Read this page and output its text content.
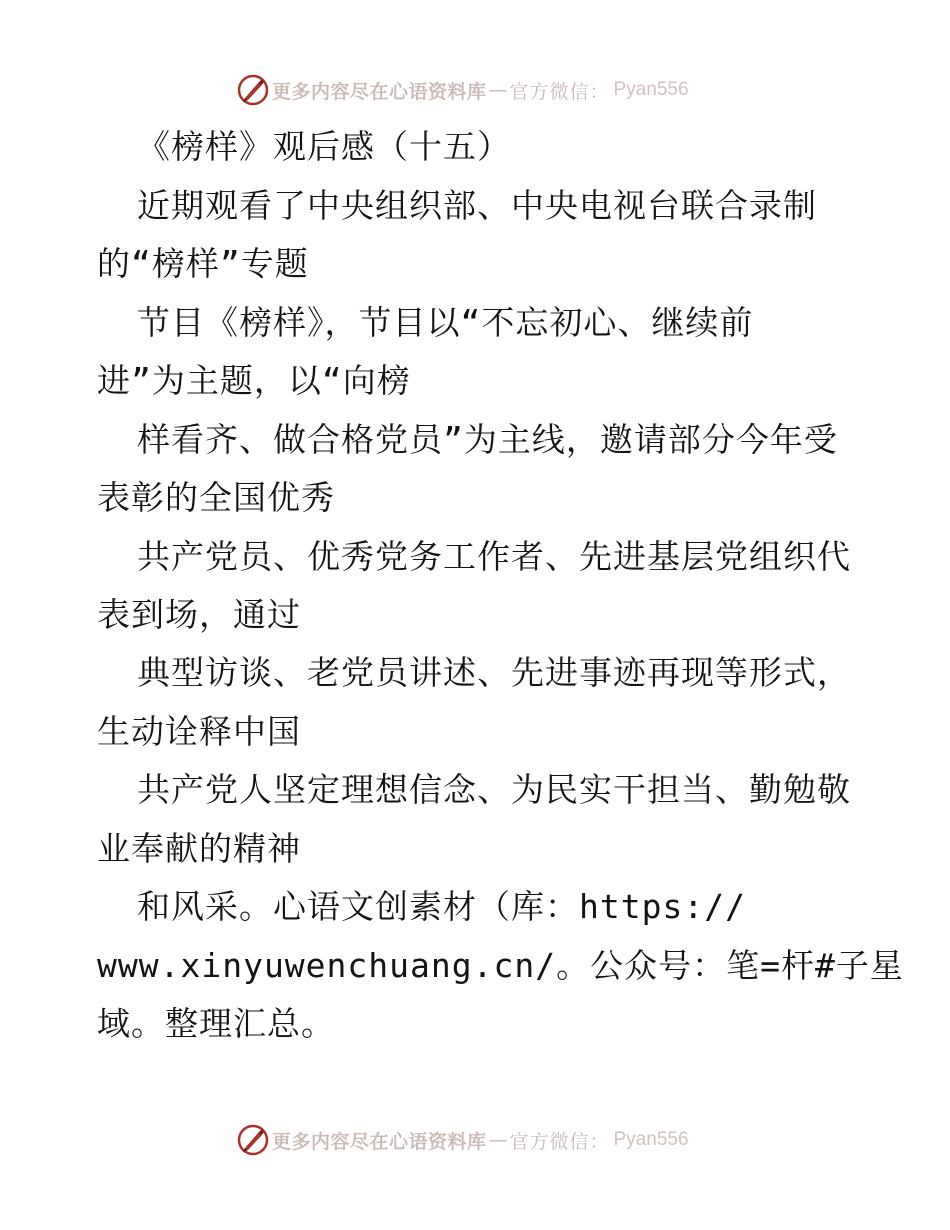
更多内容尽在心语资料库 — 官方微信： Pyan556
《榜样》观后感（十五）
近期观看了中央组织部、中央电视台联合录制
的“榜样”专题
节目《榜样》，节目以“不忘初心、继续前
进”为主题，以“向榜
样看齐、做合格党员”为主线，邀请部分今年受
表彰的全国优秀
共产党员、优秀党务工作者、先进基层党组织代
表到场，通过
典型访谈、老党员讲述、先进事迹再现等形式，
生动诠释中国
共产党人坚定理想信念、为民实干担当、勤勉敬
业奉献的精神
和风采。心语文创素材（库：https://
www.xinyuwenchuang.cn/。公众号：笔=杆#子星
域。整理汇总。
更多内容尽在心语资料库 — 官方微信： Pyan556
